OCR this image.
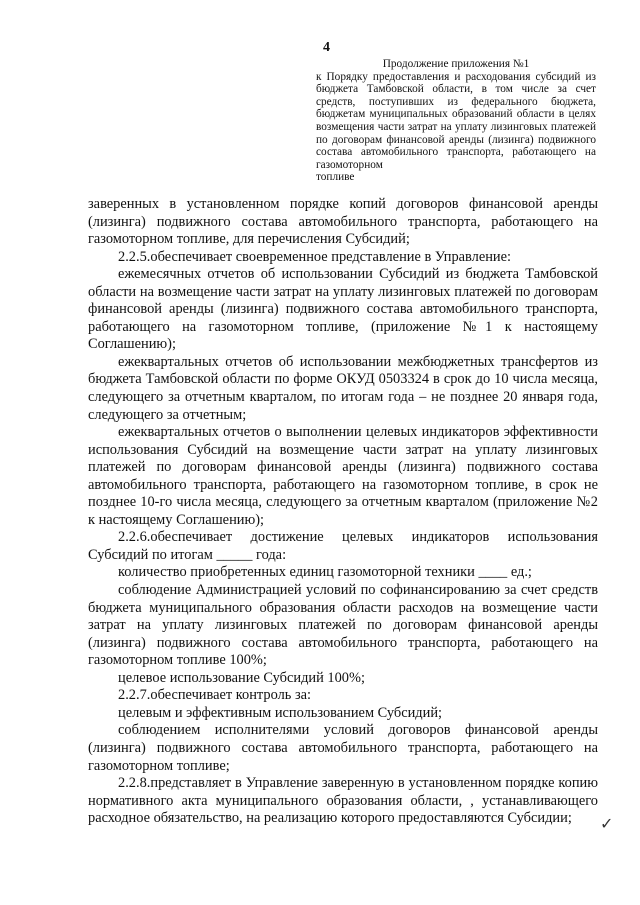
4
Продолжение приложения №1
к Порядку предоставления и расходования субсидий из бюджета Тамбовской области, в том числе за счет средств, поступивших из федерального бюджета, бюджетам муниципальных образований области в целях возмещения части затрат на уплату лизинговых платежей по договорам финансовой аренды (лизинга) подвижного состава автомобильного транспорта, работающего на газомоторном
топливе

заверенных в установленном порядке копий договоров финансовой аренды (лизинга) подвижного состава автомобильного транспорта, работающего на газомоторном топливе, для перечисления Субсидий;

2.2.5.обеспечивает своевременное представление в Управление:

ежемесячных отчетов об использовании Субсидий из бюджета Тамбовской области на возмещение части затрат на уплату лизинговых платежей по договорам финансовой аренды (лизинга) подвижного состава автомобильного транспорта, работающего на газомоторном топливе, (приложение №1 к настоящему Соглашению);

ежеквартальных отчетов об использовании межбюджетных трансфертов из бюджета Тамбовской области по форме ОКУД 0503324 в срок до 10 числа месяца, следующего за отчетным кварталом, по итогам года – не позднее 20 января года, следующего за отчетным;

ежеквартальных отчетов о выполнении целевых индикаторов эффективности использования Субсидий на возмещение части затрат на уплату лизинговых платежей по договорам финансовой аренды (лизинга) подвижного состава автомобильного транспорта, работающего на газомоторном топливе, в срок не позднее 10-го числа месяца, следующего за отчетным кварталом (приложение №2 к настоящему Соглашению);

2.2.6.обеспечивает достижение целевых индикаторов использования Субсидий по итогам _____ года:

количество приобретенных единиц газомоторной техники ____ ед.;

соблюдение Администрацией условий по софинансированию за счет средств бюджета муниципального образования области расходов на возмещение части затрат на уплату лизинговых платежей по договорам финансовой аренды (лизинга) подвижного состава автомобильного транспорта, работающего на газомоторном топливе 100%;

целевое использование Субсидий 100%;

2.2.7.обеспечивает контроль за:

целевым и эффективным использованием Субсидий;

соблюдением исполнителями условий договоров финансовой аренды (лизинга) подвижного состава автомобильного транспорта, работающего на газомоторном топливе;

2.2.8.представляет в Управление заверенную в установленном порядке копию нормативного акта муниципального образования области, , устанавливающего расходное обязательство, на реализацию которого предоставляются Субсидии;	✓
